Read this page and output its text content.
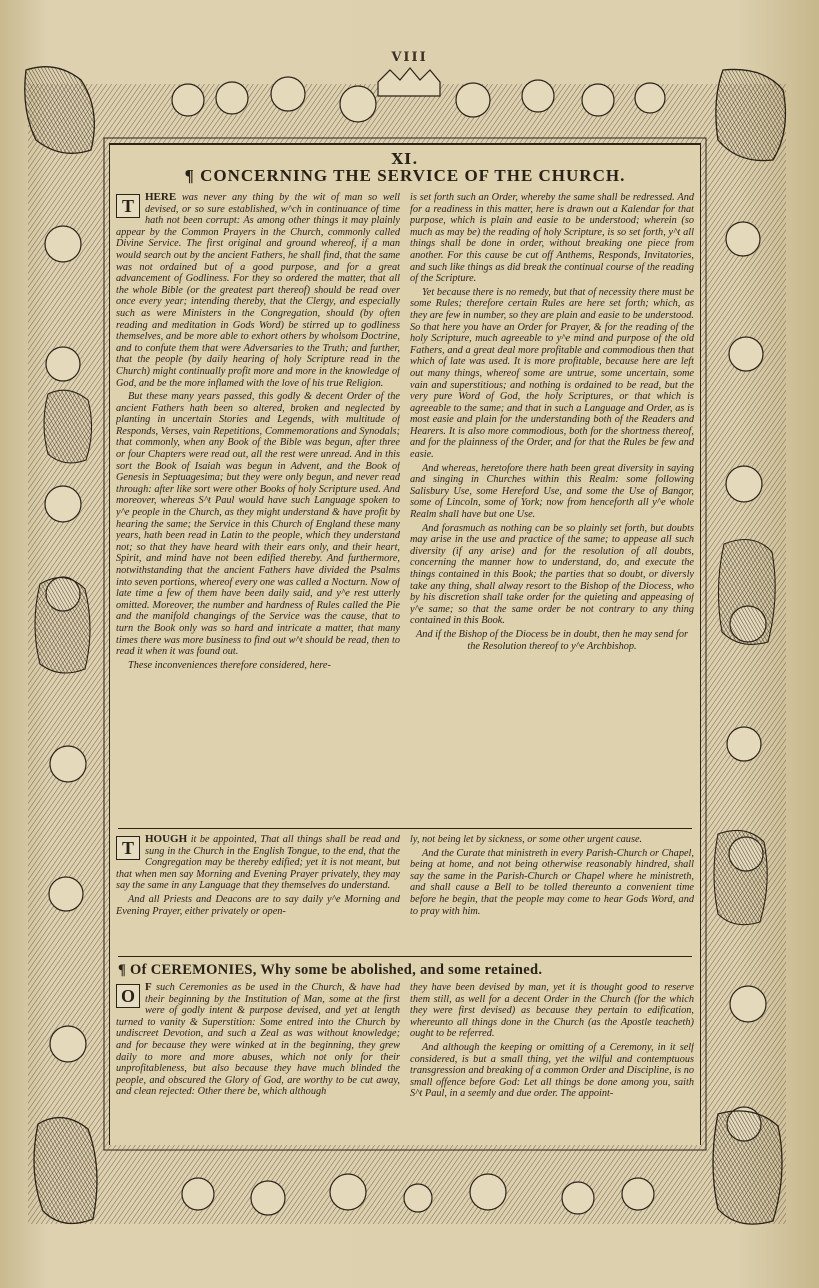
VIII
XI.
¶ CONCERNING THE SERVICE OF THE CHURCH.

T	HERE was never any thing by the wit of man so well devised, or so sure established, w^ch in continuance of time hath not been corrupt: As among other things it may plainly appear by the Common Prayers in the Church, commonly called Divine Service. The first original and ground whereof, if a man would search out by the ancient Fathers, he shall find, that the same was not ordained but of a good purpose, and for a great advancement of Godliness. For they so ordered the matter, that all the whole Bible (or the greatest part thereof) should be read over once every year; intending thereby, that the Clergy, and especially such as were Ministers in the Congregation, should (by often reading and meditation in Gods Word) be stirred up to godliness themselves, and be more able to exhort others by wholsom Doctrine, and to confute them that were Adversaries to the Truth; and further, that the people (by daily hearing of holy Scripture read in the Church) might continually profit more and more in the knowledge of God, and be the more inflamed with the love of his true Religion.

But these many years passed, this godly & decent Order of the ancient Fathers hath been so altered, broken and neglected by planting in uncertain Stories and Legends, with multitude of Responds, Verses, vain Repetitions, Commemorations and Synodals; that commonly, when any Book of the Bible was begun, after three or four Chapters were read out, all the rest were unread. And in this sort the Book of Isaiah was begun in Advent, and the Book of Genesis in Septuagesima; but they were only begun, and never read through: after like sort were other Books of holy Scripture used. And moreover, whereas S^t Paul would have such Language spoken to y^e people in the Church, as they might understand & have profit by hearing the same; the Service in this Church of England these many years, hath been read in Latin to the people, which they understand not; so that they have heard with their ears only, and their heart, Spirit, and mind have not been edified thereby. And furthermore, notwithstanding that the ancient Fathers have divided the Psalms into seven portions, whereof every one was called a Nocturn. Now of late time a few of them have been daily said, and y^e rest utterly omitted. Moreover, the number and hardness of Rules called the Pie and the manifold changings of the Service was the cause, that to turn the Book only was so hard and intricate a matter, that many times there was more business to find out w^t should be read, then to read it when it was found out.

These inconveniences therefore considered, here-

is set forth such an Order, whereby the same shall be redressed. And for a readiness in this matter, here is drawn out a Kalendar for that purpose, which is plain and easie to be understood; wherein (so much as may be) the reading of holy Scripture, is so set forth, y^t all things shall be done in order, without breaking one piece from another. For this cause be cut off Anthems, Responds, Invitatories, and such like things as did break the continual course of the reading of the Scripture.

Yet because there is no remedy, but that of necessity there must be some Rules; therefore certain Rules are here set forth; which, as they are few in number, so they are plain and easie to be understood. So that here you have an Order for Prayer, & for the reading of the holy Scripture, much agreeable to y^e mind and purpose of the old Fathers, and a great deal more profitable and commodious then that which of late was used. It is more profitable, because here are left out many things, whereof some are untrue, some uncertain, some vain and superstitious; and nothing is ordained to be read, but the very pure Word of God, the holy Scriptures, or that which is agreeable to the same; and that in such a Language and Order, as is most easie and plain for the understanding both of the Readers and Hearers. It is also more commodious, both for the shortness thereof, and for the plainness of the Order, and for that the Rules be few and easie.

And whereas, heretofore there hath been great diversity in saying and singing in Churches within this Realm: some following Salisbury Use, some Hereford Use, and some the Use of Bangor, some of Lincoln, some of York; now from henceforth all y^e whole Realm shall have but one Use.

And forasmuch as nothing can be so plainly set forth, but doubts may arise in the use and practice of the same; to appease all such diversity (if any arise) and for the resolution of all doubts, concerning the manner how to understand, do, and execute the things contained in this Book; the parties that so doubt, or diversly take any thing, shall alway resort to the Bishop of the Diocess, who by his discretion shall take order for the quieting and appeasing of y^e same; so that the same order be not contrary to any thing contained in this Book.

And if the Bishop of the Diocess be in doubt, then he may send for the Resolution thereof to y^e Archbishop.

T	HOUGH it be appointed, That all things shall be read and sung in the Church in the English Tongue, to the end, that the Congregation may be thereby edified; yet it is not meant, but that when men say Morning and Evening Prayer privately, they may say the same in any Language that they themselves do understand.

And all Priests and Deacons are to say daily y^e Morning and Evening Prayer, either privately or open-

ly, not being let by sickness, or some other urgent cause.

And the Curate that ministreth in every Parish-Church or Chapel, being at home, and not being otherwise reasonably hindred, shall say the same in the Parish-Church or Chapel where he ministreth, and shall cause a Bell to be tolled thereunto a convenient time before he begin, that the people may come to hear Gods Word, and to pray with him.

¶ Of CEREMONIES, Why some be abolished, and some retained.

O F such Ceremonies as be used in the Church, & have had their beginning by the Institution of Man, some at the first were of godly intent & purpose devised, and yet at length turned to vanity & Superstition: Some entred into the Church by undiscreet Devotion, and such a Zeal as was without knowledge; and for because they were winked at in the beginning, they grew daily to more and more abuses, which not only for their unprofitableness, but also because they have much blinded the people, and obscured the Glory of God, are worthy to be cut away, and clean rejected: Other there be, which although

they have been devised by man, yet it is thought good to reserve them still, as well for a decent Order in the Church (for the which they were first devised) as because they pertain to edification, whereunto all things done in the Church (as the Apostle teacheth) ought to be referred.

And although the keeping or omitting of a Ceremony, in it self considered, is but a small thing, yet the wilful and contemptuous transgression and breaking of a common Order and Discipline, is no small offence before God: Let all things be done among you, saith S^t Paul, in a seemly and due order. The appoint-
